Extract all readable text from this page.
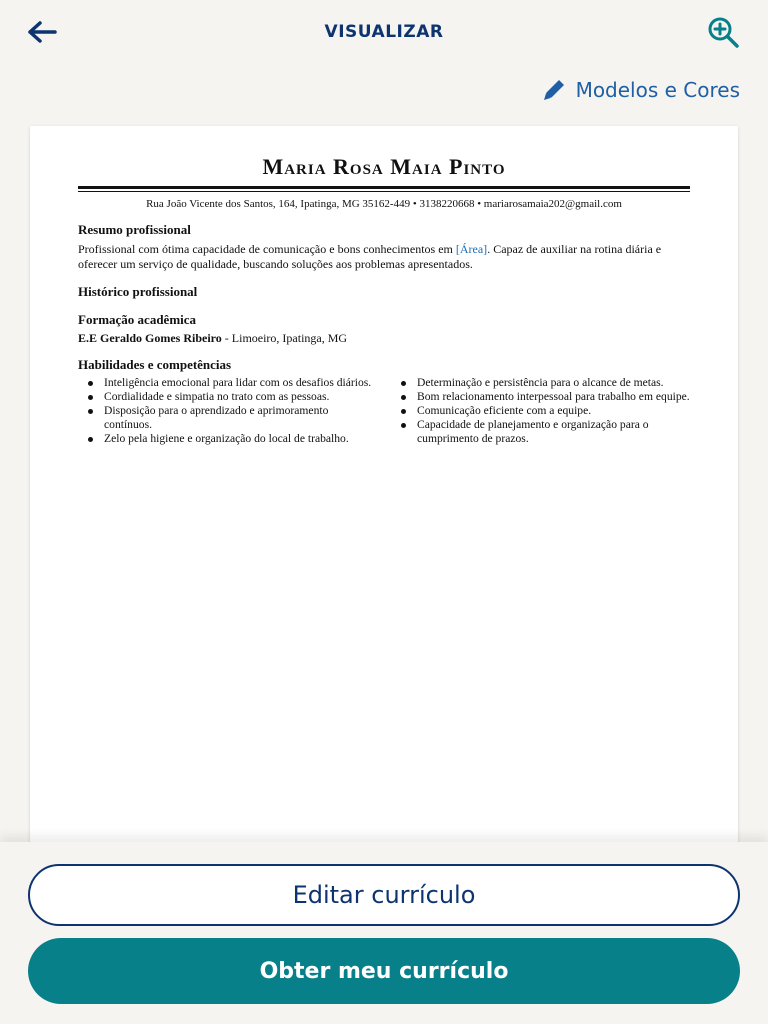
VISUALIZAR
Modelos e Cores
Maria Rosa Maia Pinto
Rua João Vicente dos Santos, 164, Ipatinga, MG 35162-449 • 3138220668 • mariarosamaia202@gmail.com
Resumo profissional
Profissional com ótima capacidade de comunicação e bons conhecimentos em [Área]. Capaz de auxiliar na rotina diária e oferecer um serviço de qualidade, buscando soluções aos problemas apresentados.
Histórico profissional
Formação acadêmica
E.E Geraldo Gomes Ribeiro - Limoeiro, Ipatinga, MG
Habilidades e competências
Inteligência emocional para lidar com os desafios diários.
Cordialidade e simpatia no trato com as pessoas.
Disposição para o aprendizado e aprimoramento contínuos.
Zelo pela higiene e organização do local de trabalho.
Determinação e persistência para o alcance de metas.
Bom relacionamento interpessoal para trabalho em equipe.
Comunicação eficiente com a equipe.
Capacidade de planejamento e organização para o cumprimento de prazos.
Editar currículo
Obter meu currículo
